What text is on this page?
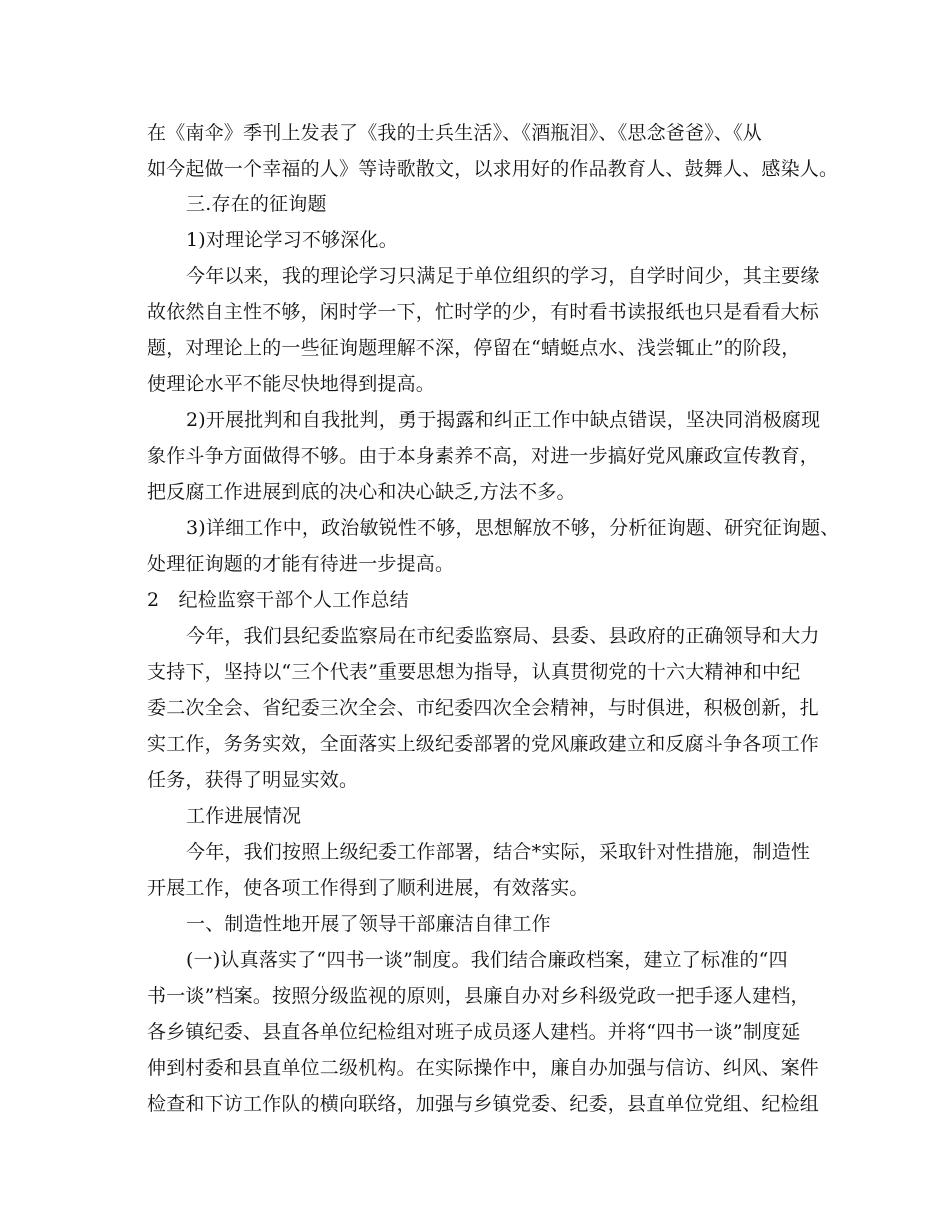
在《南伞》季刊上发表了《我的士兵生活》、《酒瓶泪》、《思念爸爸》、《从
如今起做一个幸福的人》等诗歌散文，以求用好的作品教育人、鼓舞人、感染人。
三.存在的征询题
1)对理论学习不够深化。
今年以来，我的理论学习只满足于单位组织的学习，自学时间少，其主要缘
故依然自主性不够，闲时学一下，忙时学的少，有时看书读报纸也只是看看大标
题，对理论上的一些征询题理解不深，停留在“蜻蜓点水、浅尝辄止”的阶段，
使理论水平不能尽快地得到提高。
2)开展批判和自我批判，勇于揭露和纠正工作中缺点错误，坚决同消极腐现
象作斗争方面做得不够。由于本身素养不高，对进一步搞好党风廉政宣传教育，
把反腐工作进展到底的决心和决心缺乏,方法不多。
3)详细工作中，政治敏锐性不够，思想解放不够，分析征询题、研究征询题、
处理征询题的才能有待进一步提高。
2　纪检监察干部个人工作总结
今年，我们县纪委监察局在市纪委监察局、县委、县政府的正确领导和大力
支持下，坚持以“三个代表”重要思想为指导，认真贯彻党的十六大精神和中纪
委二次全会、省纪委三次全会、市纪委四次全会精神，与时俱进，积极创新，扎
实工作，务务实效，全面落实上级纪委部署的党风廉政建立和反腐斗争各项工作
任务，获得了明显实效。
工作进展情况
今年，我们按照上级纪委工作部署，结合*实际，采取针对性措施，制造性
开展工作，使各项工作得到了顺利进展，有效落实。
一、制造性地开展了领导干部廉洁自律工作
(一)认真落实了“四书一谈”制度。我们结合廉政档案，建立了标准的“四
书一谈”档案。按照分级监视的原则，县廉自办对乡科级党政一把手逐人建档，
各乡镇纪委、县直各单位纪检组对班子成员逐人建档。并将“四书一谈”制度延
伸到村委和县直单位二级机构。在实际操作中，廉自办加强与信访、纠风、案件
检查和下访工作队的横向联络，加强与乡镇党委、纪委，县直单位党组、纪检组
